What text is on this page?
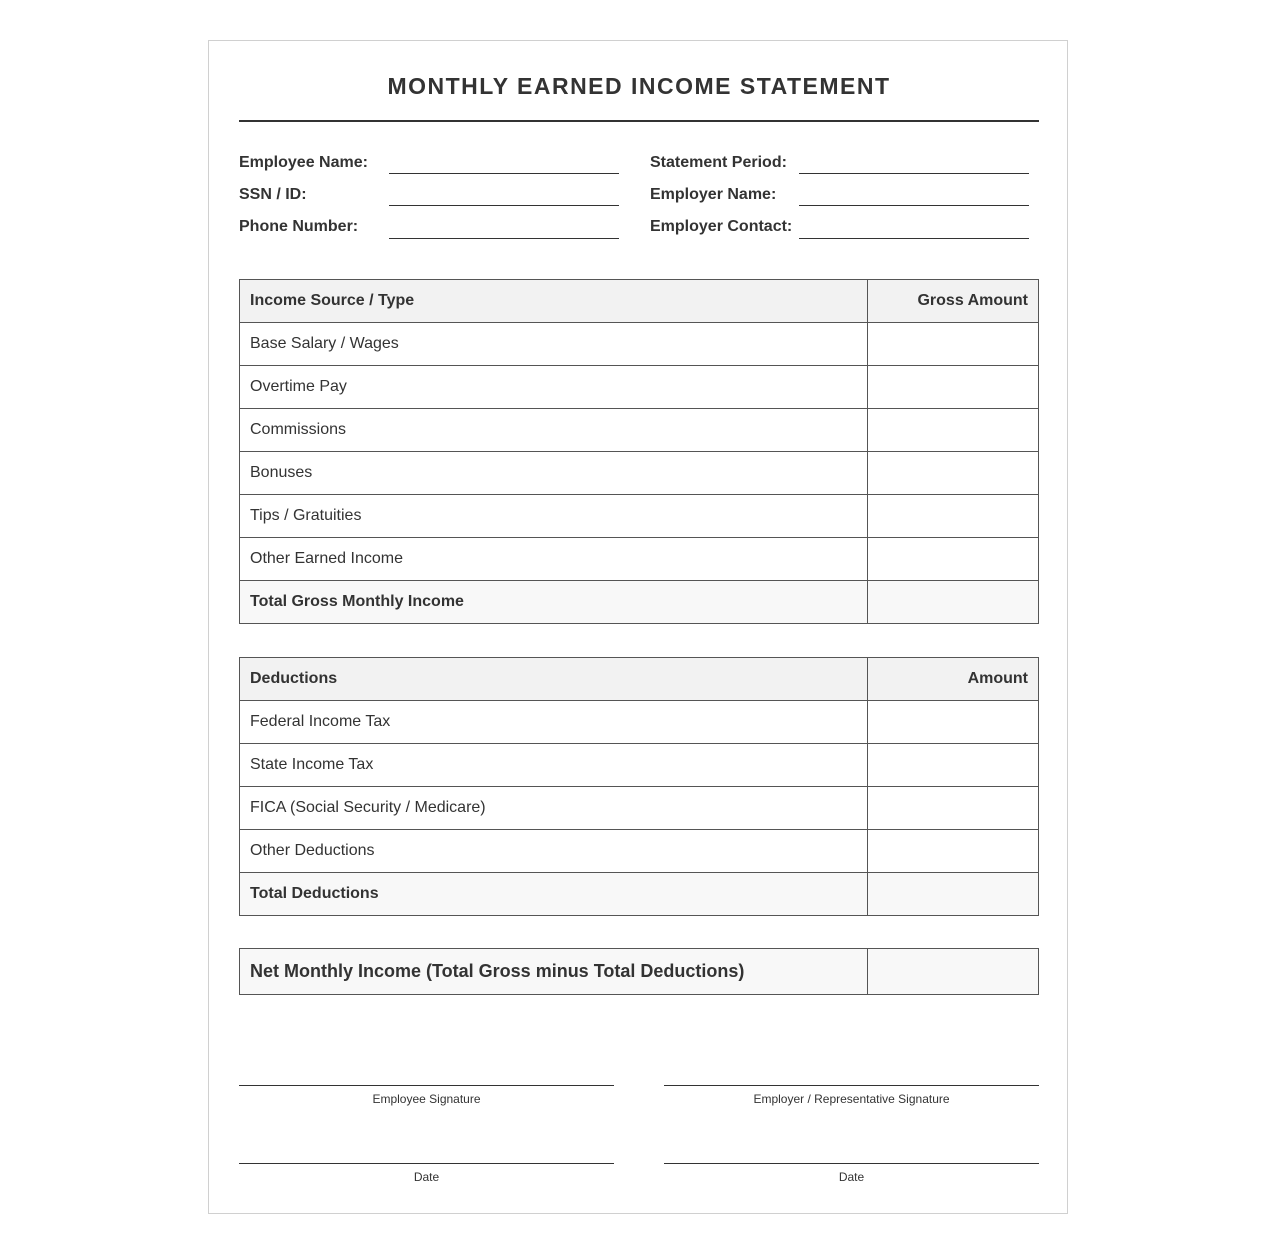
MONTHLY EARNED INCOME STATEMENT
Employee Name:
SSN / ID:
Phone Number:
Statement Period:
Employer Name:
Employer Contact:
Income Source / Type	Gross Amount
Base Salary / Wages	
Overtime Pay	
Commissions	
Bonuses	
Tips / Gratuities	
Other Earned Income	
Total Gross Monthly Income	
Deductions	Amount
Federal Income Tax	
State Income Tax	
FICA (Social Security / Medicare)	
Other Deductions	
Total Deductions	
Net Monthly Income (Total Gross minus Total Deductions)	
Employee Signature	Employer / Representative Signature
Date	Date
